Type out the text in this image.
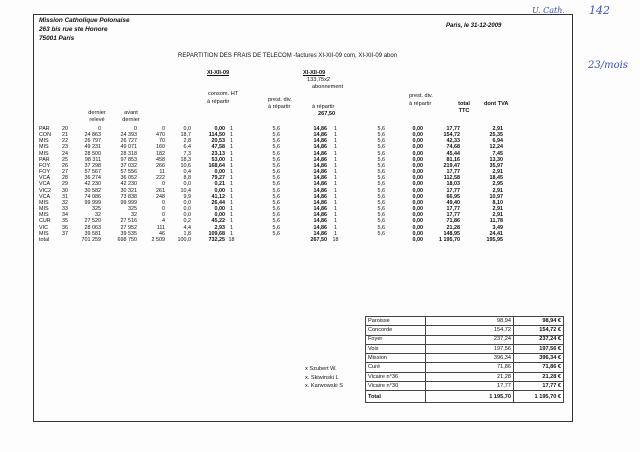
U. Cath. 142
23/mois
Mission Catholique Polonaise
263 bis rue ste Honore
75001 Paris
Paris, le 31-12-2009
REPARTITION DES FRAIS DE TELECOM -factures XI-XII-09 com, XI-XII-09 abon
XI-XII-09	XI-XII-09
133,75x2
abonnement
consom. HT
prest. div.
prest. div.
à répartir
à répartir	à répartir	à répartir
267,50
dernier relevé
avant dernier
total TTC
dont TVA
PAR	20	0	0	0	0,0	0,00	1	5,6	14,86	1	5,6	0,00	17,77	2,91
CON	21	24 863	24 393	470	18,7	114,50	1	5,6	14,86	1	5,6	0,00	154,72	25,35
MIS	22	26 797	26 727	70	2,8	20,53	1	5,6	14,86	1	5,6	0,00	42,33	6,94
MIS	23	49 231	49 071	160	6,4	47,58	1	5,6	14,86	1	5,6	0,00	74,68	12,24
MIS	24	28 500	28 318	182	7,3	23,13	1	5,6	14,86	1	5,6	0,00	45,44	7,45
PAR	25	98 311	97 853	458	18,3	53,00	1	5,6	14,86	1	5,6	0,00	81,16	13,30
FOY	26	37 298	37 032	266	10,6	168,64	1	5,6	14,86	1	5,6	0,00	219,47	35,97
FOY	27	57 567	57 556	11	0,4	0,00	1	5,6	14,86	1	5,6	0,00	17,77	2,91
VCA	28	36 274	36 052	222	8,8	79,27	1	5,6	14,86	1	5,6	0,00	112,58	18,45
VCA	29	42 230	42 230	0	0,0	0,21	1	5,6	14,86	1	5,6	0,00	18,03	2,95
VIC2	30	30 582	30 321	261	10,4	0,00	1	5,6	14,86	1	5,6	0,00	17,77	2,91
VCA	31	74 086	73 838	248	9,9	41,12	1	5,6	14,86	1	5,6	0,00	66,95	10,97
MIS	32	99 999	99 999	0	0,0	26,44	1	5,6	14,86	1	5,6	0,00	49,40	8,10
MIS	33	325	325	0	0,0	0,00	1	5,6	14,86	1	5,6	0,00	17,77	2,91
MIS	34	32	32	0	0,0	0,00	1	5,6	14,86	1	5,6	0,00	17,77	2,91
CUR	35	27 520	27 516	4	0,2	45,22	1	5,6	14,86	1	5,6	0,00	71,86	11,78
VIC	36	28 063	27 952	111	4,4	2,93	1	5,6	14,86	1	5,6	0,00	21,28	3,49
MIS	37	39 581	39 535	46	1,8	109,68	1	5,6	14,86	1	5,6	0,00	148,95	24,41
total		701 259	698 750	2 509	100,0	732,25	18		267,50	18		0,00	1 195,70	195,95
x Szubert W.
x. Skiwinski L
x. Karwowski S
Paroisse	98,94	98,94 €
Concorde	154,72	154,72 €
Foyer	237,24	237,24 €
Voix	197,56	197,56 €
Mission	396,34	396,34 €
Curé	71,86	71,86 €
Vicaire n°36	21,28	21,28 €
Vicaire n°30	17,77	17,77 €
Total	1 195,70	1 195,70 €
